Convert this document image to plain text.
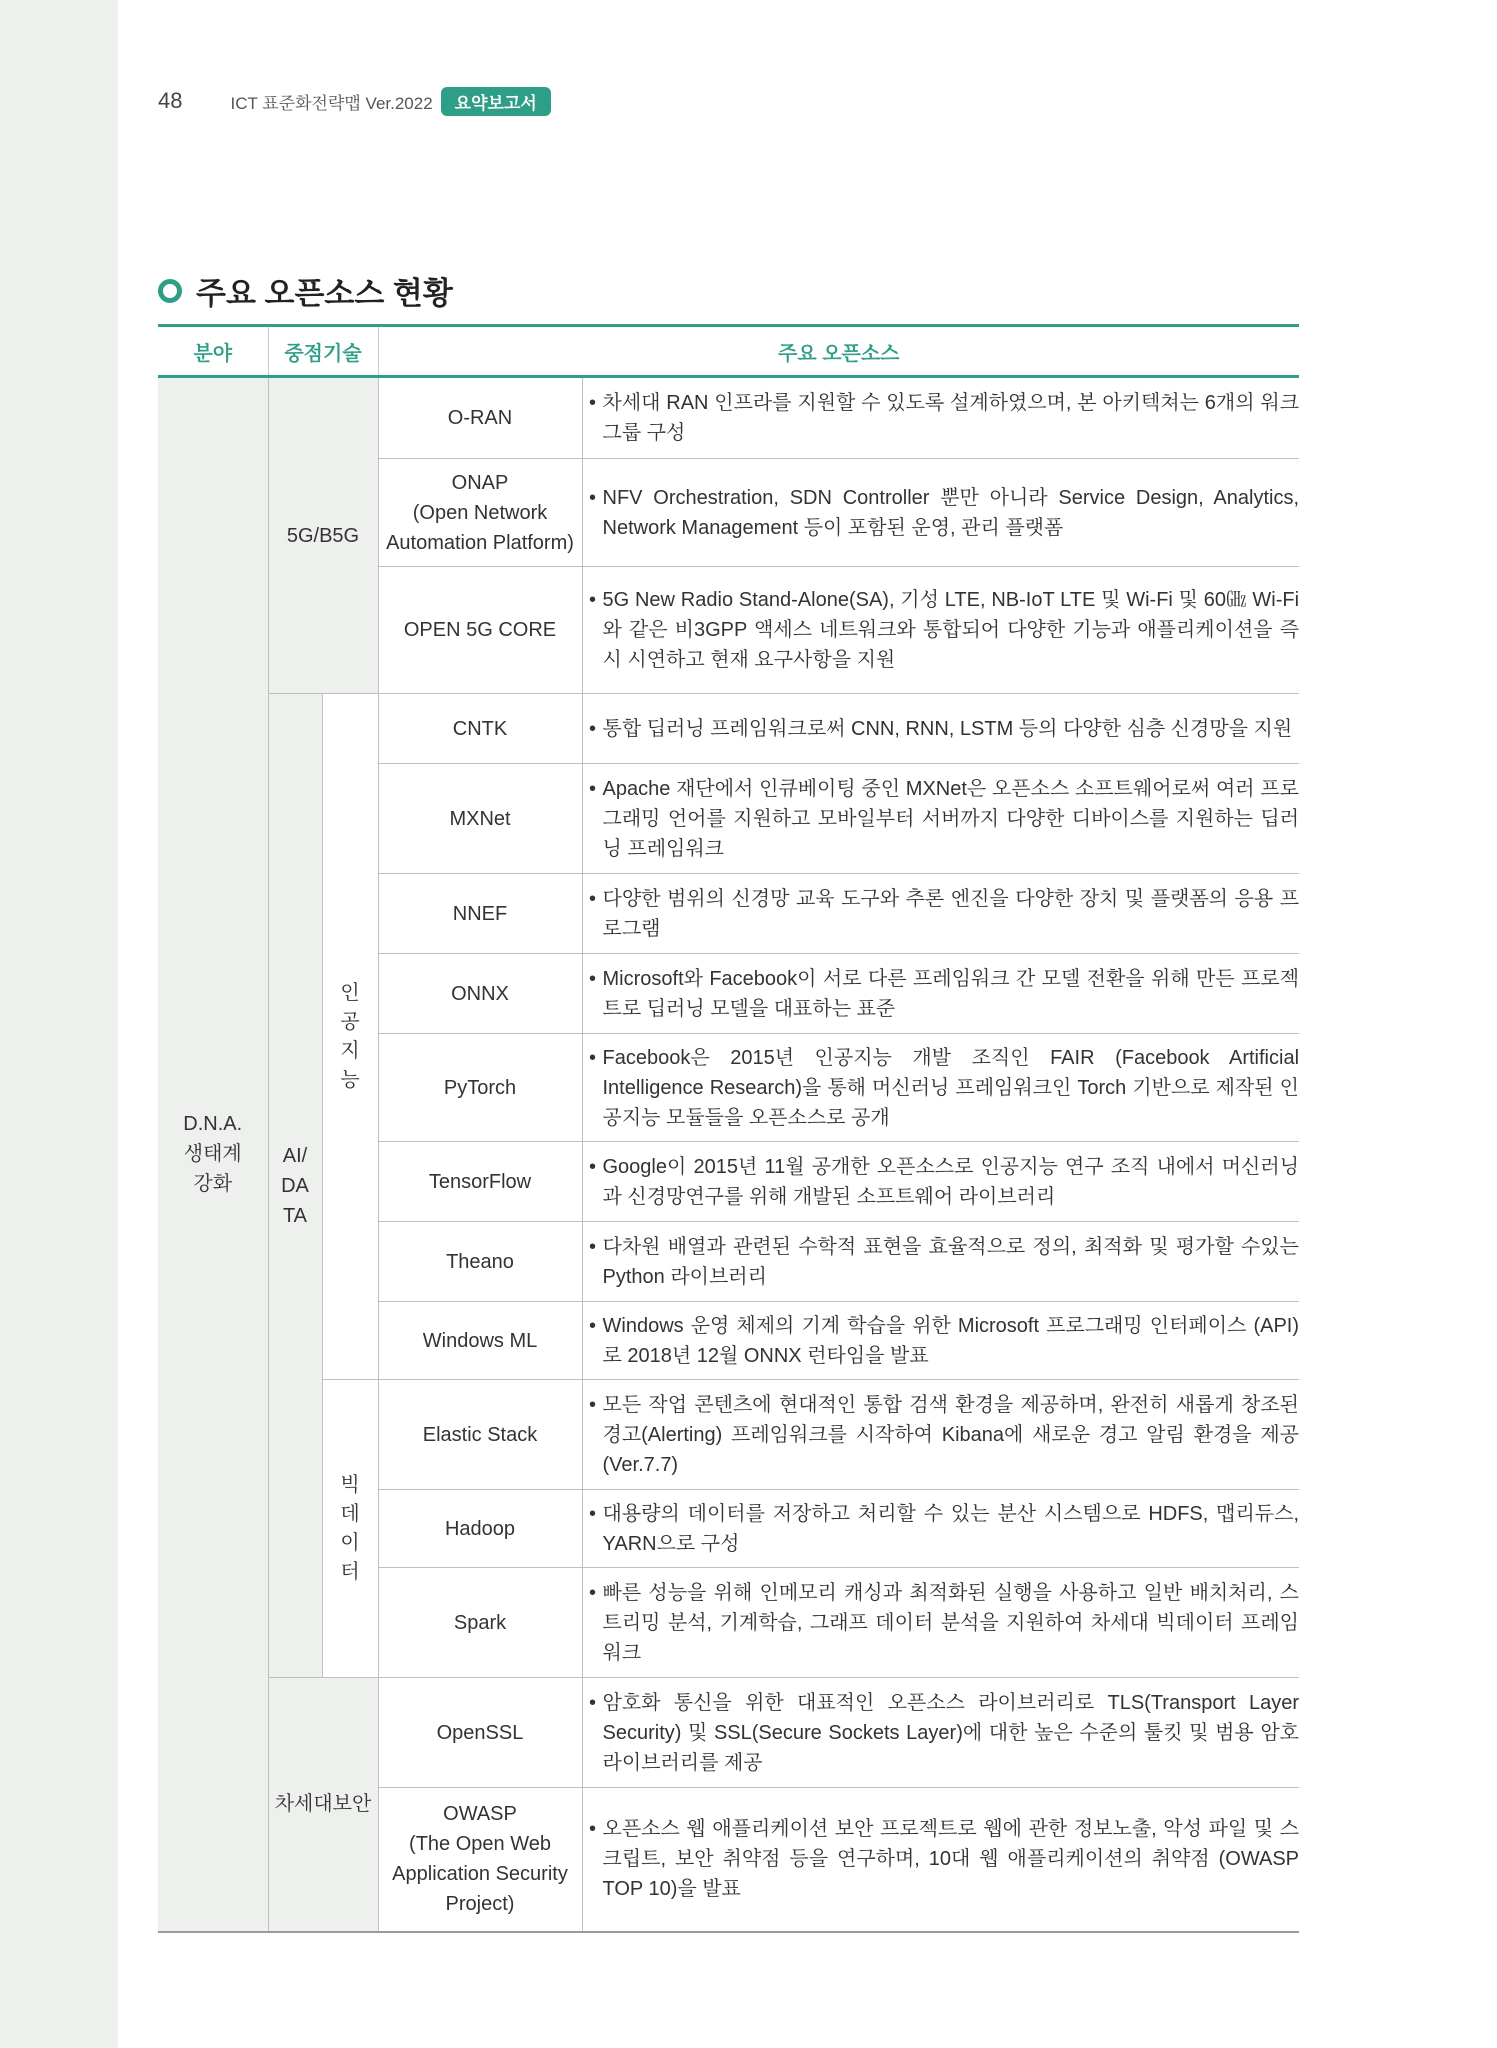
48	ICT 표준화전략맵 Ver.2022	요약보고서
주요 오픈소스 현황
분야	중점기술		주요 오픈소스	
D.N.A.
생태계
강화	5G/B5G		O-RAN	• 차세대 RAN 인프라를 지원할 수 있도록 설계하였으며, 본 아키텍쳐는 6개의 워크그룹 구성

			ONAP
(Open Network
Automation Platform)	• NFV Orchestration, SDN Controller 뿐만 아니라 Service Design, Analytics, Network Management 등이 포함된 운영, 관리 플랫폼

			OPEN 5G CORE	• 5G New Radio Stand-Alone(SA), 기성 LTE, NB-IoT LTE 및 Wi-Fi 및 60㎓ Wi-Fi와 같은 비3GPP 액세스 네트워크와 통합되어 다양한 기능과 애플리케이션을 즉시 시연하고 현재 요구사항을 지원

	AI/
DA
TA	인공지능	CNTK	• 통합 딥러닝 프레임워크로써 CNN, RNN, LSTM 등의 다양한 심층 신경망을 지원

			MXNet	• Apache 재단에서 인큐베이팅 중인 MXNet은 오픈소스 소프트웨어로써 여러 프로그래밍 언어를 지원하고 모바일부터 서버까지 다양한 디바이스를 지원하는 딥러닝 프레임워크

			NNEF	• 다양한 범위의 신경망 교육 도구와 추론 엔진을 다양한 장치 및 플랫폼의 응용 프로그램

			ONNX	• Microsoft와 Facebook이 서로 다른 프레임워크 간 모델 전환을 위해 만든 프로젝트로 딥러닝 모델을 대표하는 표준

			PyTorch	• Facebook은 2015년 인공지능 개발 조직인 FAIR (Facebook Artificial Intelligence Research)을 통해 머신러닝 프레임워크인 Torch 기반으로 제작된 인공지능 모듈들을 오픈소스로 공개

			TensorFlow	• Google이 2015년 11월 공개한 오픈소스로 인공지능 연구 조직 내에서 머신러닝과 신경망연구를 위해 개발된 소프트웨어 라이브러리

			Theano	• 다차원 배열과 관련된 수학적 표현을 효율적으로 정의, 최적화 및 평가할 수있는 Python 라이브러리

			Windows ML	• Windows 운영 체제의 기계 학습을 위한 Microsoft 프로그래밍 인터페이스 (API)로 2018년 12월 ONNX 런타임을 발표

		빅데이터	Elastic Stack	• 모든 작업 콘텐츠에 현대적인 통합 검색 환경을 제공하며, 완전히 새롭게 창조된 경고(Alerting) 프레임워크를 시작하여 Kibana에 새로운 경고 알림 환경을 제공 (Ver.7.7)

			Hadoop	• 대용량의 데이터를 저장하고 처리할 수 있는 분산 시스템으로 HDFS, 맵리듀스, YARN으로 구성

			Spark	• 빠른 성능을 위해 인메모리 캐싱과 최적화된 실행을 사용하고 일반 배치처리, 스트리밍 분석, 기계학습, 그래프 데이터 분석을 지원하여 차세대 빅데이터 프레임워크

	차세대보안		OpenSSL	• 암호화 통신을 위한 대표적인 오픈소스 라이브러리로 TLS(Transport Layer Security) 및 SSL(Secure Sockets Layer)에 대한 높은 수준의 툴킷 및 범용 암호 라이브러리를 제공

			OWASP
(The Open Web
Application Security
Project)	• 오픈소스 웹 애플리케이션 보안 프로젝트로 웹에 관한 정보노출, 악성 파일 및 스크립트, 보안 취약점 등을 연구하며, 10대 웹 애플리케이션의 취약점 (OWASP TOP 10)을 발표
